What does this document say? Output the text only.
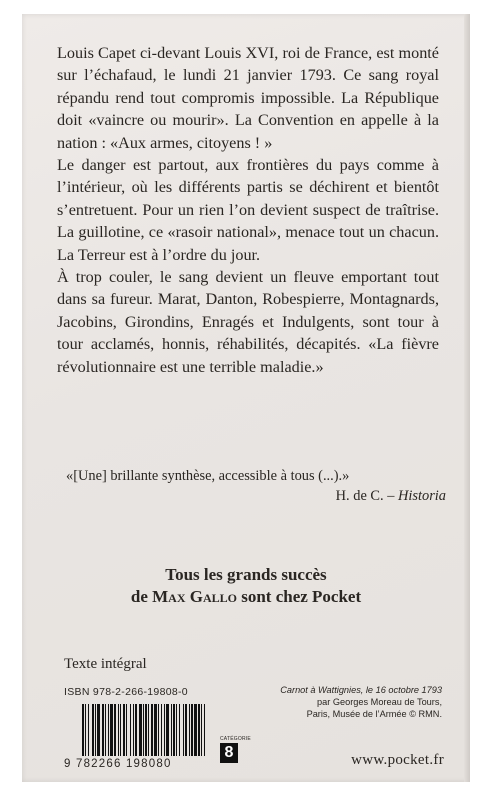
Louis Capet ci-devant Louis XVI, roi de France, est monté sur l’échafaud, le lundi 21 janvier 1793. Ce sang royal répandu rend tout compromis impossible. La République doit «vaincre ou mourir». La Convention en appelle à la nation : «Aux armes, citoyens ! »

Le danger est partout, aux frontières du pays comme à l’intérieur, où les différents partis se déchirent et bientôt s’entretuent. Pour un rien l’on devient suspect de traîtrise. La guillotine, ce «rasoir national», menace tout un chacun. La Terreur est à l’ordre du jour.

À trop couler, le sang devient un fleuve emportant tout dans sa fureur. Marat, Danton, Robespierre, Montagnards, Jacobins, Girondins, Enragés et Indulgents, sont tour à tour acclamés, honnis, réhabilités, décapités. «La fièvre révolutionnaire est une terrible maladie.»

«[Une] brillante synthèse, accessible à tous (...).»
H. de C. – Historia
Tous les grands succès
de Max Gallo sont chez Pocket
Texte intégral
ISBN 978-2-266-19808-0
9 782266 198080
CATÉGORIE
8
Carnot à Wattignies, le 16 octobre 1793
par Georges Moreau de Tours,
Paris, Musée de l’Armée © RMN.
www.pocket.fr
